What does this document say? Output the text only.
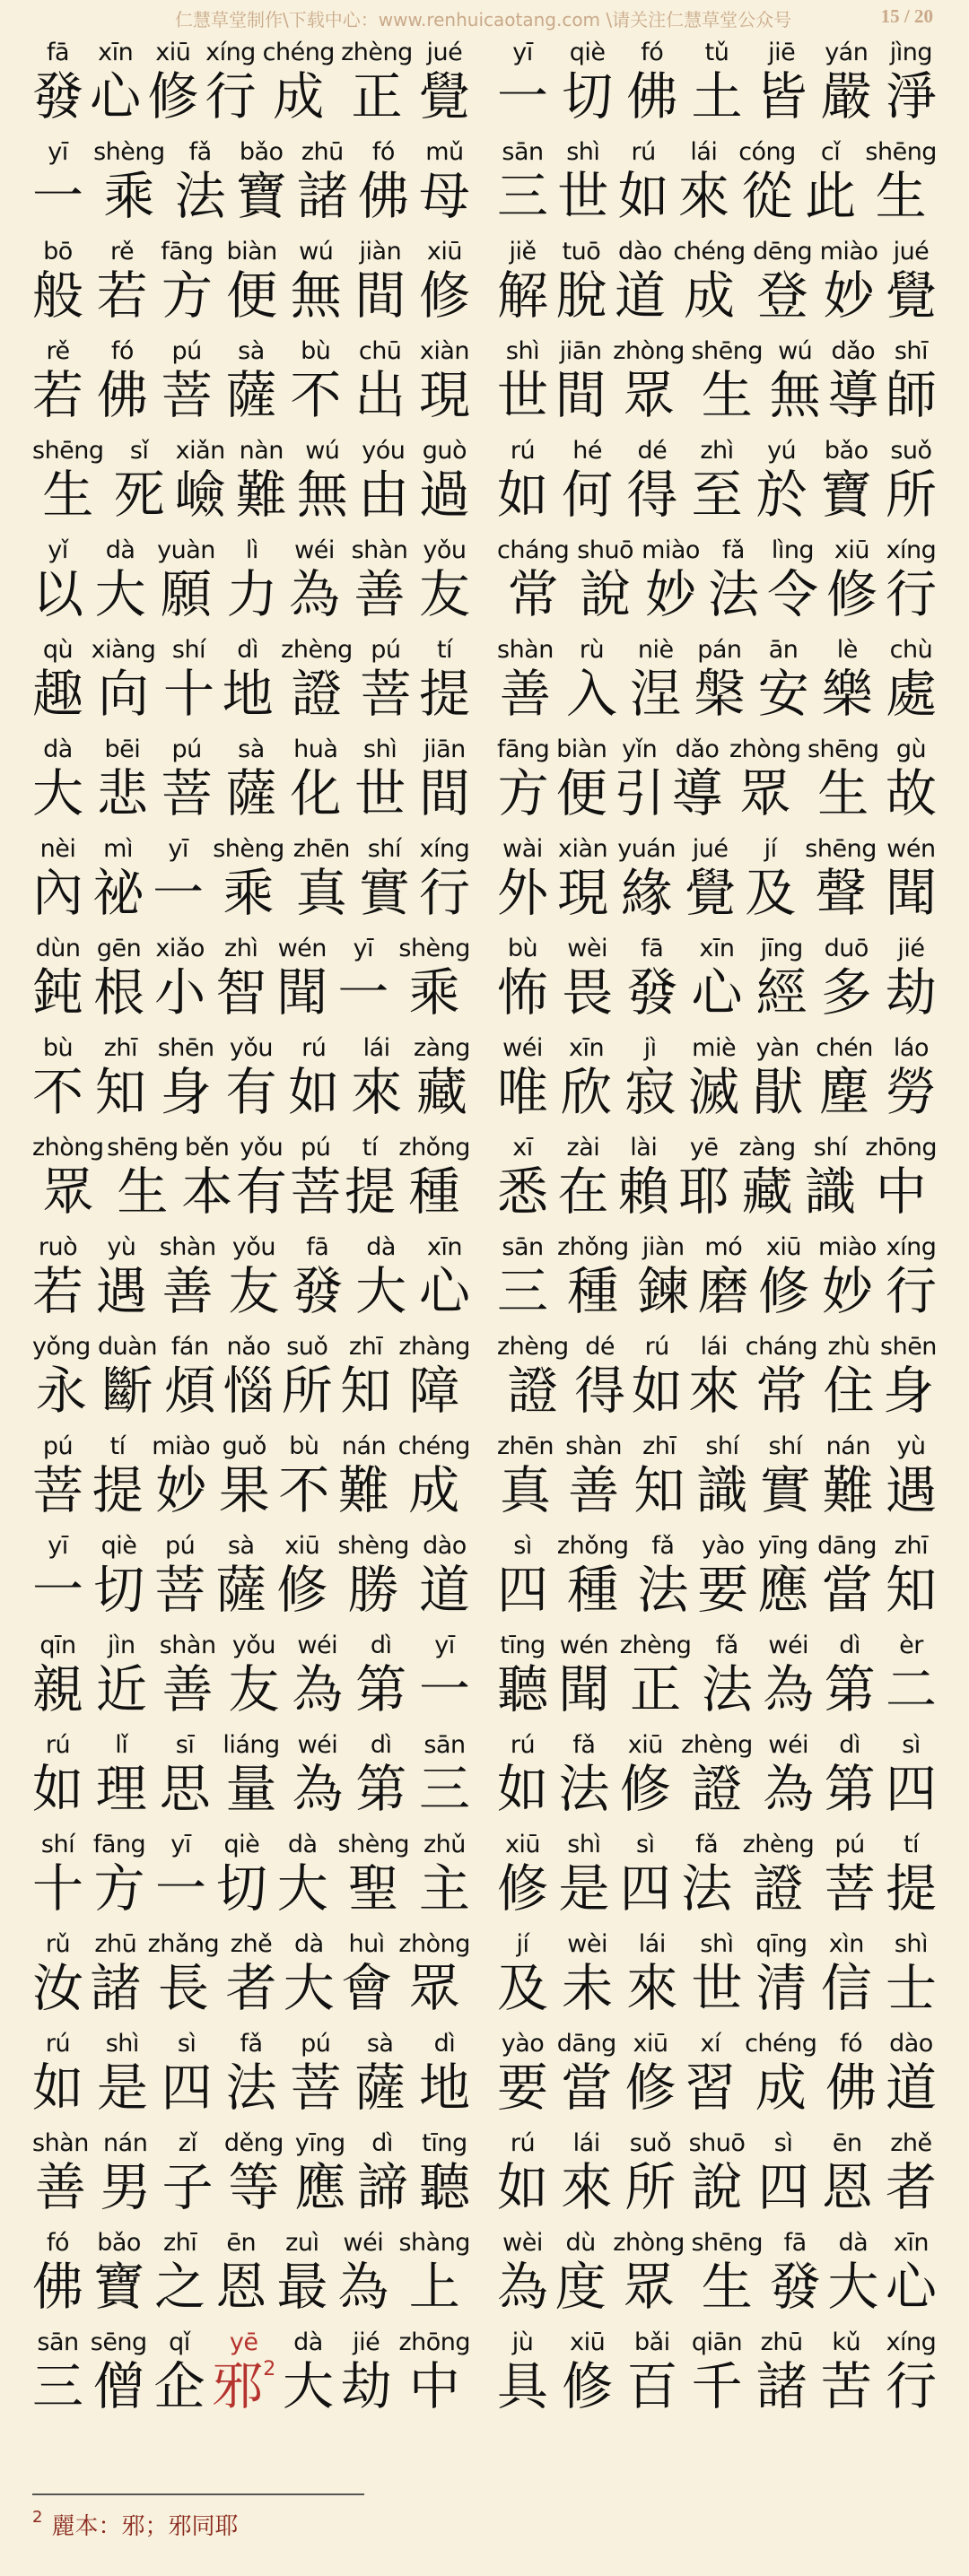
仁慧草堂制作\下载中心：www.renhuicaotang.com \请关注仁慧草堂公众号	15 / 20
fā
發
xīn
心
xiū
修
xíng
行
chéng
成
zhèng
正
jué
覺
yī
一
qiè
切
fó
佛
tǔ
土
jiē
皆
yán
嚴
jìng
淨
yī
一
shèng
乘
fǎ
法
bǎo
寶
zhū
諸
fó
佛
mǔ
母
sān
三
shì
世
rú
如
lái
來
cóng
從
cǐ
此
shēng
生
bō
般
rě
若
fāng
方
biàn
便
wú
無
jiàn
間
xiū
修
jiě
解
tuō
脫
dào
道
chéng
成
dēng
登
miào
妙
jué
覺
rě
若
fó
佛
pú
菩
sà
薩
bù
不
chū
出
xiàn
現
shì
世
jiān
間
zhòng
眾
shēng
生
wú
無
dǎo
導
shī
師
shēng
生
sǐ
死
xiǎn
嶮
nàn
難
wú
無
yóu
由
guò
過
rú
如
hé
何
dé
得
zhì
至
yú
於
bǎo
寶
suǒ
所
yǐ
以
dà
大
yuàn
願
lì
力
wéi
為
shàn
善
yǒu
友
cháng
常
shuō
說
miào
妙
fǎ
法
lìng
令
xiū
修
xíng
行
qù
趣
xiàng
向
shí
十
dì
地
zhèng
證
pú
菩
tí
提
shàn
善
rù
入
niè
涅
pán
槃
ān
安
lè
樂
chù
處
dà
大
bēi
悲
pú
菩
sà
薩
huà
化
shì
世
jiān
間
fāng
方
biàn
便
yǐn
引
dǎo
導
zhòng
眾
shēng
生
gù
故
nèi
內
mì
祕
yī
一
shèng
乘
zhēn
真
shí
實
xíng
行
wài
外
xiàn
現
yuán
緣
jué
覺
jí
及
shēng
聲
wén
聞
dùn
鈍
gēn
根
xiǎo
小
zhì
智
wén
聞
yī
一
shèng
乘
bù
怖
wèi
畏
fā
發
xīn
心
jīng
經
duō
多
jié
劫
bù
不
zhī
知
shēn
身
yǒu
有
rú
如
lái
來
zàng
藏
wéi
唯
xīn
欣
jì
寂
miè
滅
yàn
猒
chén
塵
láo
勞
zhòng
眾
shēng
生
běn
本
yǒu
有
pú
菩
tí
提
zhǒng
種
xī
悉
zài
在
lài
賴
yē
耶
zàng
藏
shí
識
zhōng
中
ruò
若
yù
遇
shàn
善
yǒu
友
fā
發
dà
大
xīn
心
sān
三
zhǒng
種
jiàn
鍊
mó
磨
xiū
修
miào
妙
xíng
行
yǒng
永
duàn
斷
fán
煩
nǎo
惱
suǒ
所
zhī
知
zhàng
障
zhèng
證
dé
得
rú
如
lái
來
cháng
常
zhù
住
shēn
身
pú
菩
tí
提
miào
妙
guǒ
果
bù
不
nán
難
chéng
成
zhēn
真
shàn
善
zhī
知
shí
識
shí
實
nán
難
yù
遇
yī
一
qiè
切
pú
菩
sà
薩
xiū
修
shèng
勝
dào
道
sì
四
zhǒng
種
fǎ
法
yào
要
yīng
應
dāng
當
zhī
知
qīn
親
jìn
近
shàn
善
yǒu
友
wéi
為
dì
第
yī
一
tīng
聽
wén
聞
zhèng
正
fǎ
法
wéi
為
dì
第
èr
二
rú
如
lǐ
理
sī
思
liáng
量
wéi
為
dì
第
sān
三
rú
如
fǎ
法
xiū
修
zhèng
證
wéi
為
dì
第
sì
四
shí
十
fāng
方
yī
一
qiè
切
dà
大
shèng
聖
zhǔ
主
xiū
修
shì
是
sì
四
fǎ
法
zhèng
證
pú
菩
tí
提
rǔ
汝
zhū
諸
zhǎng
長
zhě
者
dà
大
huì
會
zhòng
眾
jí
及
wèi
未
lái
來
shì
世
qīng
清
xìn
信
shì
士
rú
如
shì
是
sì
四
fǎ
法
pú
菩
sà
薩
dì
地
yào
要
dāng
當
xiū
修
xí
習
chéng
成
fó
佛
dào
道
shàn
善
nán
男
zǐ
子
děng
等
yīng
應
dì
諦
tīng
聽
rú
如
lái
來
suǒ
所
shuō
說
sì
四
ēn
恩
zhě
者
fó
佛
bǎo
寶
zhī
之
ēn
恩
zuì
最
wéi
為
shàng
上
wèi
為
dù
度
zhòng
眾
shēng
生
fā
發
dà
大
xīn
心
sān
三
sēng
僧
qǐ
企
yē
邪$^2$
dà
大
jié
劫
zhōng
中
jù
具
xiū
修
bǎi
百
qiān
千
zhū
諸
kǔ
苦
xíng
行
$^2$ 麗本：邪；邪同耶
